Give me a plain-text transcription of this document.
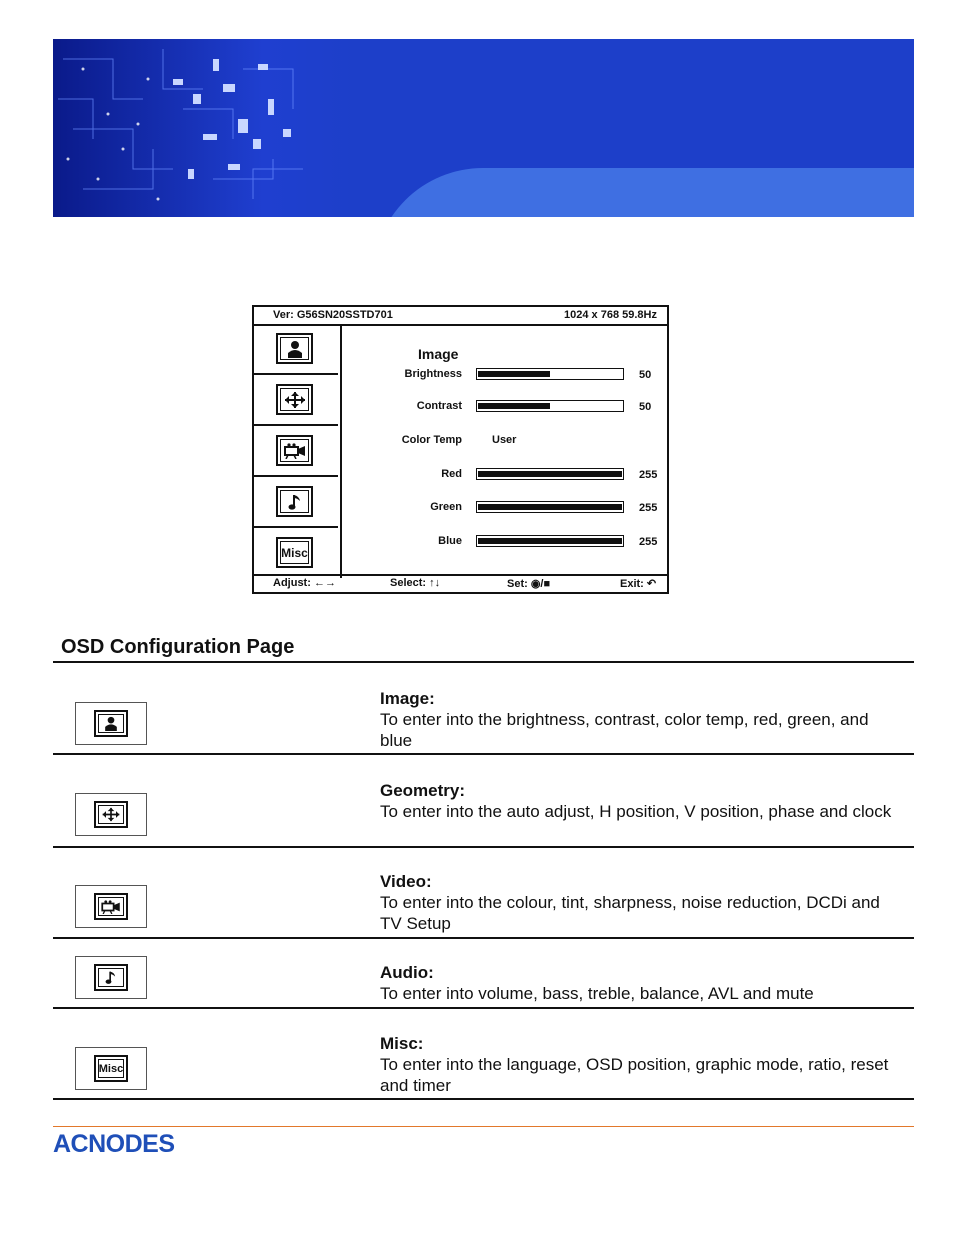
Ver: G56SN20SSTD701	1024 x 768 59.8Hz
Misc
Image
Brightness	50
Contrast	50
Color Temp	User
Red	255
Green	255
Blue	255
Adjust: ←→	Select: ↑↓	Set: ◉/■	Exit: ↶
OSD Configuration Page
Image:
To enter into the brightness, contrast, color temp, red, green, and blue
Geometry:
To enter into the auto adjust, H position, V position, phase and clock
Video:
To enter into the colour, tint, sharpness, noise reduction, DCDi and TV Setup
Audio:
To enter into volume, bass, treble, balance, AVL and mute
Misc
Misc:
To enter into the language, OSD position, graphic mode, ratio, reset and timer
ACNODES
